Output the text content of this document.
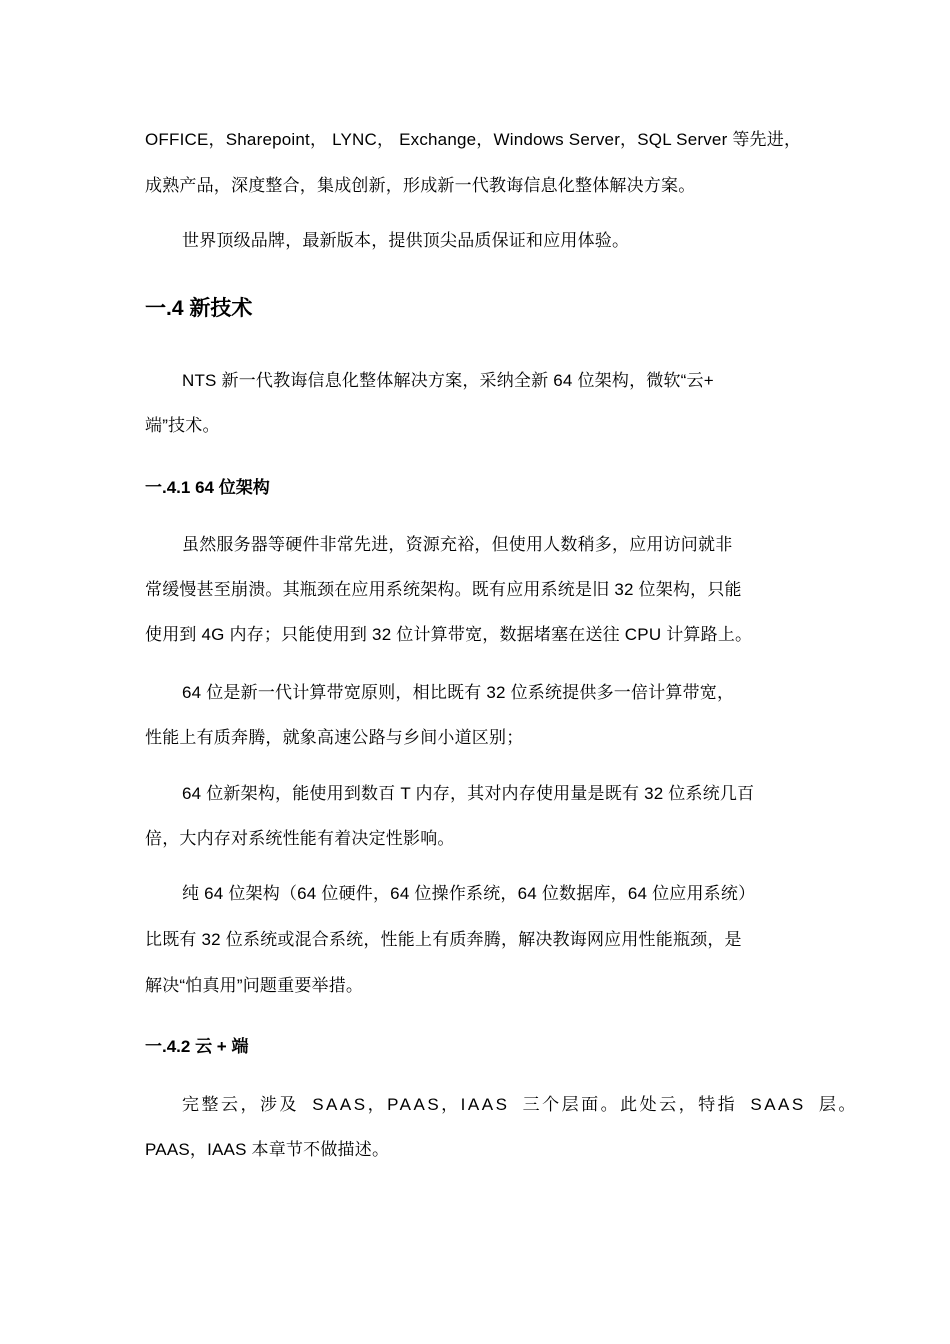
OFFICE，Sharepoint， LYNC， Exchange，Windows Server，SQL Server 等先进，
成熟产品，深度整合，集成创新，形成新一代教诲信息化整体解决方案。
世界顶级品牌，最新版本，提供顶尖品质保证和应用体验。
一.4 新技术
NTS 新一代教诲信息化整体解决方案，采纳全新 64 位架构，微软“云+
端”技术。
一.4.1 64 位架构
虽然服务器等硬件非常先进，资源充裕，但使用人数稍多，应用访问就非
常缓慢甚至崩溃。其瓶颈在应用系统架构。既有应用系统是旧 32 位架构，只能
使用到 4G 内存；只能使用到 32 位计算带宽，数据堵塞在送往 CPU 计算路上。
64 位是新一代计算带宽原则，相比既有 32 位系统提供多一倍计算带宽，
性能上有质奔腾，就象高速公路与乡间小道区别；
64 位新架构，能使用到数百 T 内存，其对内存使用量是既有 32 位系统几百
倍，大内存对系统性能有着决定性影响。
纯 64 位架构（64 位硬件，64 位操作系统，64 位数据库，64 位应用系统）
比既有 32 位系统或混合系统，性能上有质奔腾，解决教诲网应用性能瓶颈，是
解决“怕真用”问题重要举措。
一.4.2 云 + 端
完整云，涉及 SAAS，PAAS，IAAS 三个层面。此处云，特指 SAAS 层。
PAAS，IAAS 本章节不做描述。
